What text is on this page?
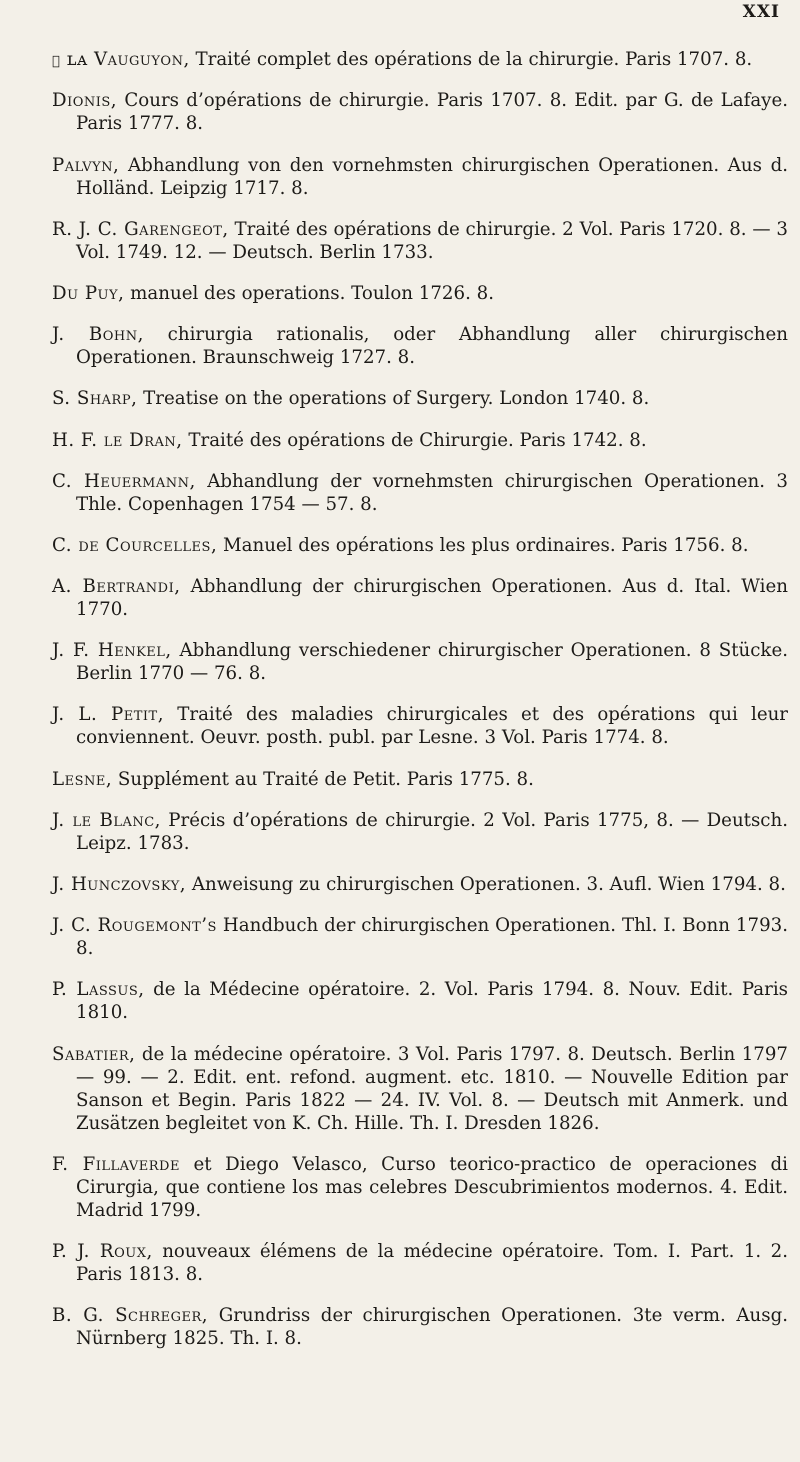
XXI

ɪ ʟᴀ Vauguyon, Traité complet des opérations de la chirurgie. Paris 1707. 8.

Dionis, Cours d’opérations de chirurgie. Paris 1707. 8. Edit. par G. de Lafaye. Paris 1777. 8.

Palvyn, Abhandlung von den vornehmsten chirurgischen Operationen. Aus d. Holländ. Leipzig 1717. 8.

R. J. C. Garengeot, Traité des opérations de chirurgie. 2 Vol. Paris 1720. 8. — 3 Vol. 1749. 12. — Deutsch. Berlin 1733.

Du Puy, manuel des operations. Toulon 1726. 8.

J. Bohn, chirurgia rationalis, oder Abhandlung aller chirurgischen Operationen. Braunschweig 1727. 8.

S. Sharp, Treatise on the operations of Surgery. London 1740. 8.

H. F. le Dran, Traité des opérations de Chirurgie. Paris 1742. 8.

C. Heuermann, Abhandlung der vornehmsten chirurgischen Operationen. 3 Thle. Copenhagen 1754 — 57. 8.

C. de Courcelles, Manuel des opérations les plus ordinaires. Paris 1756. 8.

A. Bertrandi, Abhandlung der chirurgischen Operationen. Aus d. Ital. Wien 1770.

J. F. Henkel, Abhandlung verschiedener chirurgischer Operationen. 8 Stücke. Berlin 1770 — 76. 8.

J. L. Petit, Traité des maladies chirurgicales et des opérations qui leur conviennent. Oeuvr. posth. publ. par Lesne. 3 Vol. Paris 1774. 8.

Lesne, Supplément au Traité de Petit. Paris 1775. 8.

J. le Blanc, Précis d’opérations de chirurgie. 2 Vol. Paris 1775, 8. — Deutsch. Leipz. 1783.

J. Hunczovsky, Anweisung zu chirurgischen Operationen. 3. Aufl. Wien 1794. 8.

J. C. Rougemont’s Handbuch der chirurgischen Operationen. Thl. I. Bonn 1793. 8.

P. Lassus, de la Médecine opératoire. 2. Vol. Paris 1794. 8. Nouv. Edit. Paris 1810.

Sabatier, de la médecine opératoire. 3 Vol. Paris 1797. 8. Deutsch. Berlin 1797 — 99. — 2. Edit. ent. refond. augment. etc. 1810. — Nouvelle Edition par Sanson et Begin. Paris 1822 — 24. IV. Vol. 8. — Deutsch mit Anmerk. und Zusätzen begleitet von K. Ch. Hille. Th. I. Dresden 1826.

F. Fillaverde et Diego Velasco, Curso teorico-practico de operaciones di Cirurgia, que contiene los mas celebres Descubrimientos modernos. 4. Edit. Madrid 1799.

P. J. Roux, nouveaux élémens de la médecine opératoire. Tom. I. Part. 1. 2. Paris 1813. 8.

B. G. Schreger, Grundriss der chirurgischen Operationen. 3te verm. Ausg. Nürnberg 1825. Th. I. 8.
